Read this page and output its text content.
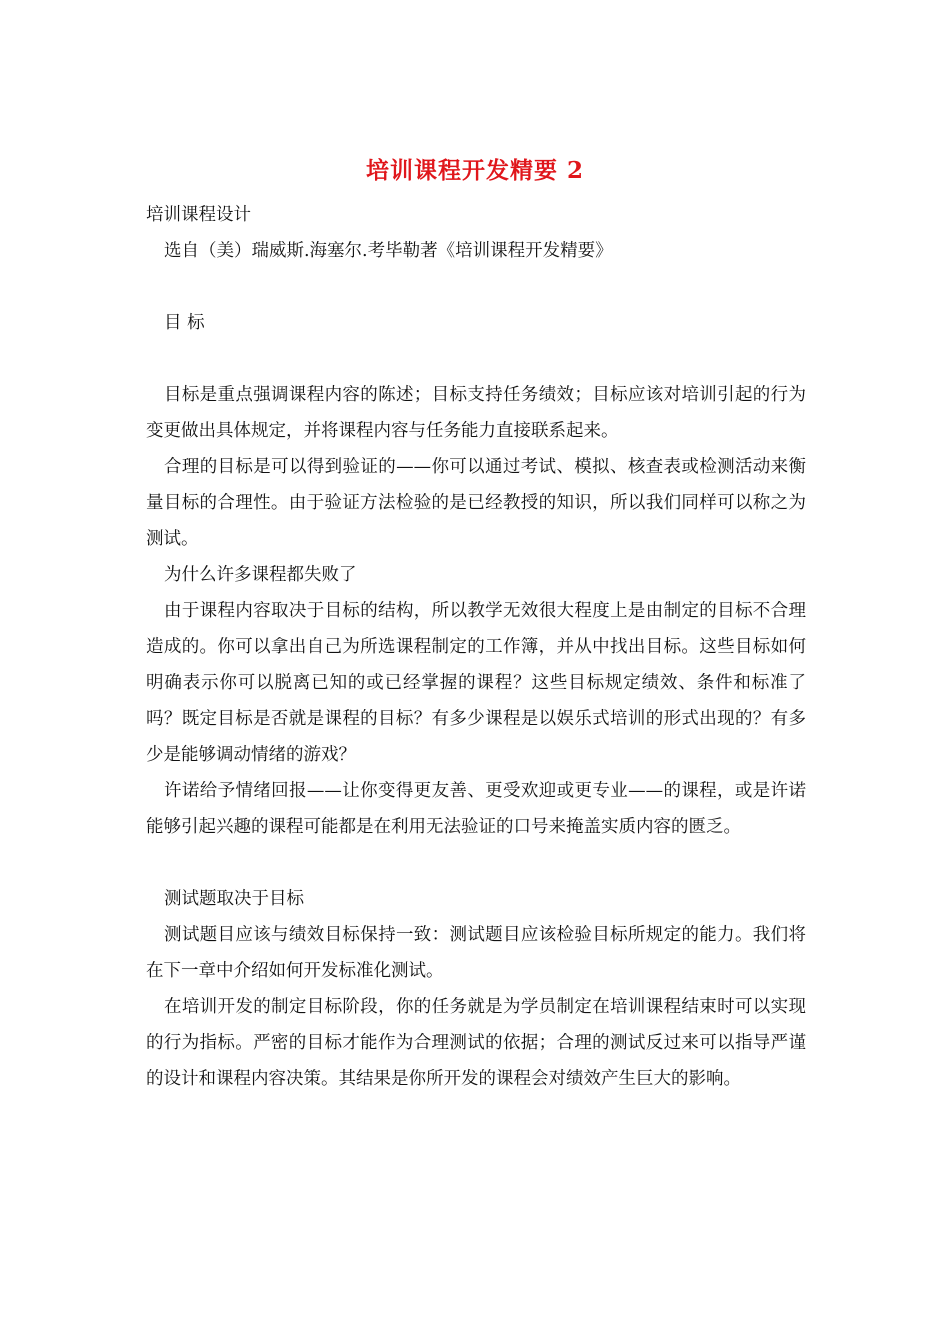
培训课程开发精要 2

培训课程设计

选自（美）瑞威斯.海塞尔.考毕勒著《培训课程开发精要》

目 标

目标是重点强调课程内容的陈述；目标支持任务绩效；目标应该对培训引起的行为变更做出具体规定，并将课程内容与任务能力直接联系起来。

合理的目标是可以得到验证的——你可以通过考试、模拟、核查表或检测活动来衡量目标的合理性。由于验证方法检验的是已经教授的知识，所以我们同样可以称之为测试。

为什么许多课程都失败了

由于课程内容取决于目标的结构，所以教学无效很大程度上是由制定的目标不合理造成的。你可以拿出自己为所选课程制定的工作簿，并从中找出目标。这些目标如何明确表示你可以脱离已知的或已经掌握的课程？这些目标规定绩效、条件和标准了吗？既定目标是否就是课程的目标？有多少课程是以娱乐式培训的形式出现的？有多少是能够调动情绪的游戏？

许诺给予情绪回报——让你变得更友善、更受欢迎或更专业——的课程，或是许诺能够引起兴趣的课程可能都是在利用无法验证的口号来掩盖实质内容的匮乏。

测试题取决于目标

测试题目应该与绩效目标保持一致：测试题目应该检验目标所规定的能力。我们将在下一章中介绍如何开发标准化测试。

在培训开发的制定目标阶段，你的任务就是为学员制定在培训课程结束时可以实现的行为指标。严密的目标才能作为合理测试的依据；合理的测试反过来可以指导严谨的设计和课程内容决策。其结果是你所开发的课程会对绩效产生巨大的影响。
